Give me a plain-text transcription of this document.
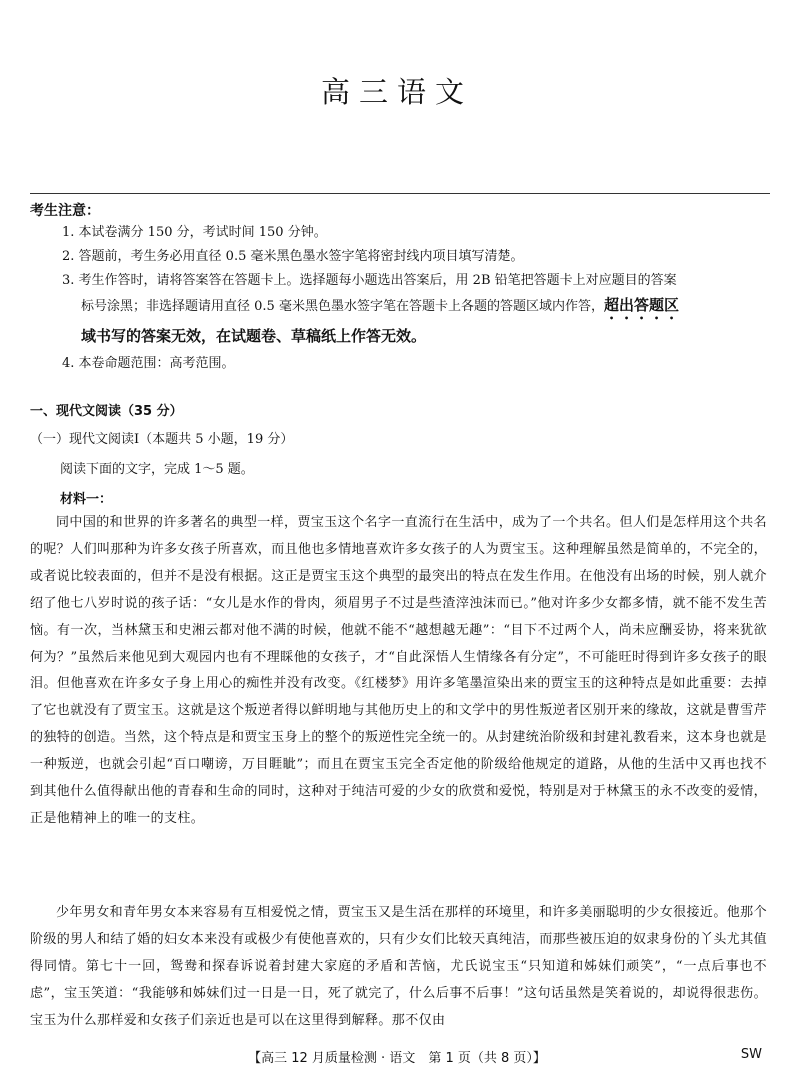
高三语文
考生注意：

1. 本试卷满分 150 分，考试时间 150 分钟。

2. 答题前，考生务必用直径 0.5 毫米黑色墨水签字笔将密封线内项目填写清楚。

3. 考生作答时，请将答案答在答题卡上。选择题每小题选出答案后，用 2B 铅笔把答题卡上对应题目的答案
标号涂黑；非选择题请用直径 0.5 毫米黑色墨水签字笔在答题卡上各题的答题区域内作答，超出答题区
域书写的答案无效，在试题卷、草稿纸上作答无效。

4. 本卷命题范围：高考范围。

一、现代文阅读（35 分）
（一）现代文阅读Ⅰ（本题共 5 小题，19 分）
阅读下面的文字，完成 1～5 题。
材料一：

同中国的和世界的许多著名的典型一样，贾宝玉这个名字一直流行在生活中，成为了一个共名。但人们是怎样用这个共名的呢？人们叫那种为许多女孩子所喜欢，而且他也多情地喜欢许多女孩子的人为贾宝玉。这种理解虽然是简单的，不完全的，或者说比较表面的，但并不是没有根据。这正是贾宝玉这个典型的最突出的特点在发生作用。在他没有出场的时候，别人就介绍了他七八岁时说的孩子话：“女儿是水作的骨肉，须眉男子不过是些渣滓浊沫而已。”他对许多少女都多情，就不能不发生苦恼。有一次，当林黛玉和史湘云都对他不满的时候，他就不能不“越想越无趣”：“目下不过两个人，尚未应酬妥协，将来犹欲何为？”虽然后来他见到大观园内也有不理睬他的女孩子，才“自此深悟人生情缘各有分定”，不可能旺时得到许多女孩子的眼泪。但他喜欢在许多女子身上用心的痴性并没有改变。《红楼梦》用许多笔墨渲染出来的贾宝玉的这种特点是如此重要：去掉了它也就没有了贾宝玉。这就是这个叛逆者得以鲜明地与其他历史上的和文学中的男性叛逆者区别开来的缘故，这就是曹雪芹的独特的创造。当然，这个特点是和贾宝玉身上的整个的叛逆性完全统一的。从封建统治阶级和封建礼教看来，这本身也就是一种叛逆，也就会引起“百口嘲谤，万目睚眦”；而且在贾宝玉完全否定他的阶级给他规定的道路，从他的生活中又再也找不到其他什么值得献出他的青春和生命的同时，这种对于纯洁可爱的少女的欣赏和爱悦，特别是对于林黛玉的永不改变的爱情，正是他精神上的唯一的支柱。

少年男女和青年男女本来容易有互相爱悦之情，贾宝玉又是生活在那样的环境里，和许多美丽聪明的少女很接近。他那个阶级的男人和结了婚的妇女本来没有或极少有使他喜欢的，只有少女们比较天真纯洁，而那些被压迫的奴隶身份的丫头尤其值得同情。第七十一回，鸳鸯和探春诉说着封建大家庭的矛盾和苦恼，尤氏说宝玉“只知道和姊妹们顽笑”，“一点后事也不虑”，宝玉笑道：“我能够和姊妹们过一日是一日，死了就完了，什么后事不后事！”这句话虽然是笑着说的，却说得很悲伤。宝玉为什么那样爱和女孩子们亲近也是可以在这里得到解释。那不仅由

【高三 12 月质量检测 · 语文　第 1 页（共 8 页）】	SW
